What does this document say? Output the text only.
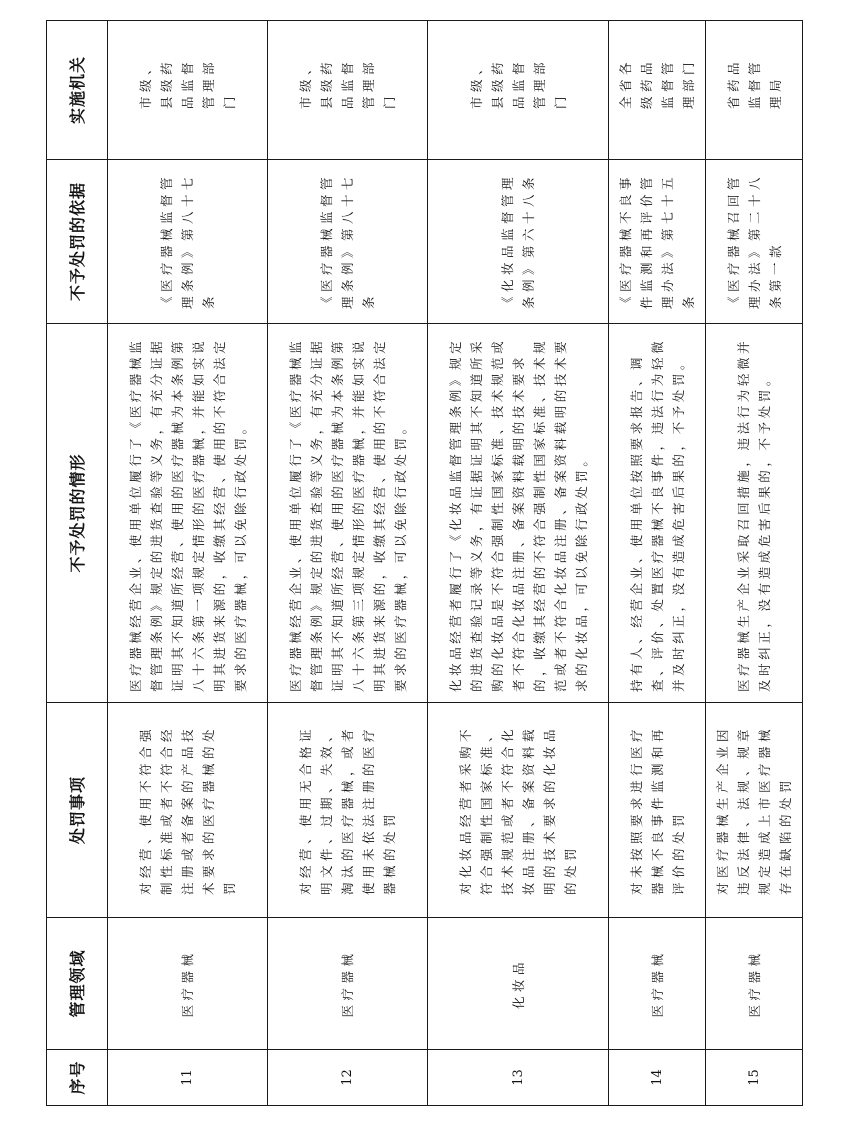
序号	管理领域	处罚事项	不予处罚的情形	不予处罚的依据	实施机关
11	医疗器械	对经营、使用不符合强制性标准或者不符合经注册或者备案的产品技术要求的医疗器械的处罚	医疗器械经营企业、使用单位履行了《医疗器械监督管理条例》规定的进货查验等义务，有充分证据证明其不知道所经营、使用的医疗器械为本条例第八十六条第一项规定情形的医疗器械，并能如实说明其进货来源的，收缴其经营、使用的不符合法定要求的医疗器械，可以免除行政处罚。	《医疗器械监督管理条例》第八十七条	市级、县级药品监督管理部门
12	医疗器械	对经营、使用无合格证明文件、过期、失效、淘汰的医疗器械，或者使用未依法注册的医疗器械的处罚	医疗器械经营企业、使用单位履行了《医疗器械监督管理条例》规定的进货查验等义务，有充分证据证明其不知道所经营、使用的医疗器械为本条例第八十六条第三项规定情形的医疗器械，并能如实说明其进货来源的，收缴其经营、使用的不符合法定要求的医疗器械，可以免除行政处罚。	《医疗器械监督管理条例》第八十七条	市级、县级药品监督管理部门
13	化妆品	对化妆品经营者采购不符合强制性国家标准、技术规范或者不符合化妆品注册、备案资料载明的技术要求的化妆品的处罚	化妆品经营者履行了《化妆品监督管理条例》规定的进货查验记录等义务，有证据证明其不知道所采购的化妆品是不符合强制性国家标准、技术规范或者不符合化妆品注册、备案资料载明的技术要求的，收缴其经营的不符合强制性国家标准、技术规范或者不符合化妆品注册、备案资料载明的技术要求的化妆品，可以免除行政处罚。	《化妆品监督管理条例》第六十八条	市级、县级药品监督管理部门
14	医疗器械	对未按照要求进行医疗器械不良事件监测和再评价的处罚	持有人、经营企业、使用单位按照要求报告、调查、评价、处置医疗器械不良事件，违法行为轻微并及时纠正，没有造成危害后果的，不予处罚。	《医疗器械不良事件监测和再评价管理办法》第七十五条	全省各级药品监督管理部门
15	医疗器械	对医疗器械生产企业因违反法律、法规、规章规定造成上市医疗器械存在缺陷的处罚	医疗器械生产企业采取召回措施，违法行为轻微并及时纠正，没有造成危害后果的，不予处罚。	《医疗器械召回管理办法》第二十八条第一款	省药品监督管理局
